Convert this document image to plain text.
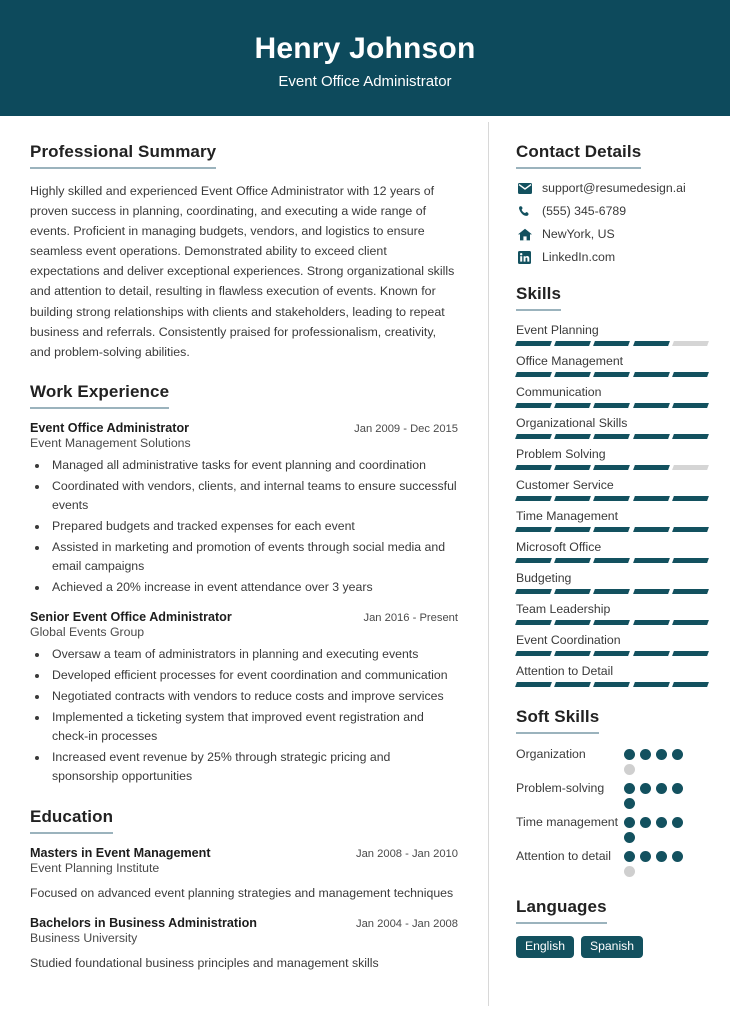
Henry Johnson
Event Office Administrator
Professional Summary
Highly skilled and experienced Event Office Administrator with 12 years of proven success in planning, coordinating, and executing a wide range of events. Proficient in managing budgets, vendors, and logistics to ensure seamless event operations. Demonstrated ability to exceed client expectations and deliver exceptional experiences. Strong organizational skills and attention to detail, resulting in flawless execution of events. Known for building strong relationships with clients and stakeholders, leading to repeat business and referrals. Consistently praised for professionalism, creativity, and problem-solving abilities.
Work Experience
Event Office Administrator	Jan 2009 - Dec 2015
Event Management Solutions
• Managed all administrative tasks for event planning and coordination
• Coordinated with vendors, clients, and internal teams to ensure successful events
• Prepared budgets and tracked expenses for each event
• Assisted in marketing and promotion of events through social media and email campaigns
• Achieved a 20% increase in event attendance over 3 years
Senior Event Office Administrator	Jan 2016 - Present
Global Events Group
• Oversaw a team of administrators in planning and executing events
• Developed efficient processes for event coordination and communication
• Negotiated contracts with vendors to reduce costs and improve services
• Implemented a ticketing system that improved event registration and check-in processes
• Increased event revenue by 25% through strategic pricing and sponsorship opportunities
Education
Masters in Event Management	Jan 2008 - Jan 2010
Event Planning Institute
Focused on advanced event planning strategies and management techniques
Bachelors in Business Administration	Jan 2004 - Jan 2008
Business University
Studied foundational business principles and management skills
Contact Details
support@resumedesign.ai
(555) 345-6789
NewYork, US
LinkedIn.com
Skills
Event Planning
Office Management
Communication
Organizational Skills
Problem Solving
Customer Service
Time Management
Microsoft Office
Budgeting
Team Leadership
Event Coordination
Attention to Detail
Soft Skills
Organization
Problem-solving
Time management
Attention to detail
Languages
English	Spanish
